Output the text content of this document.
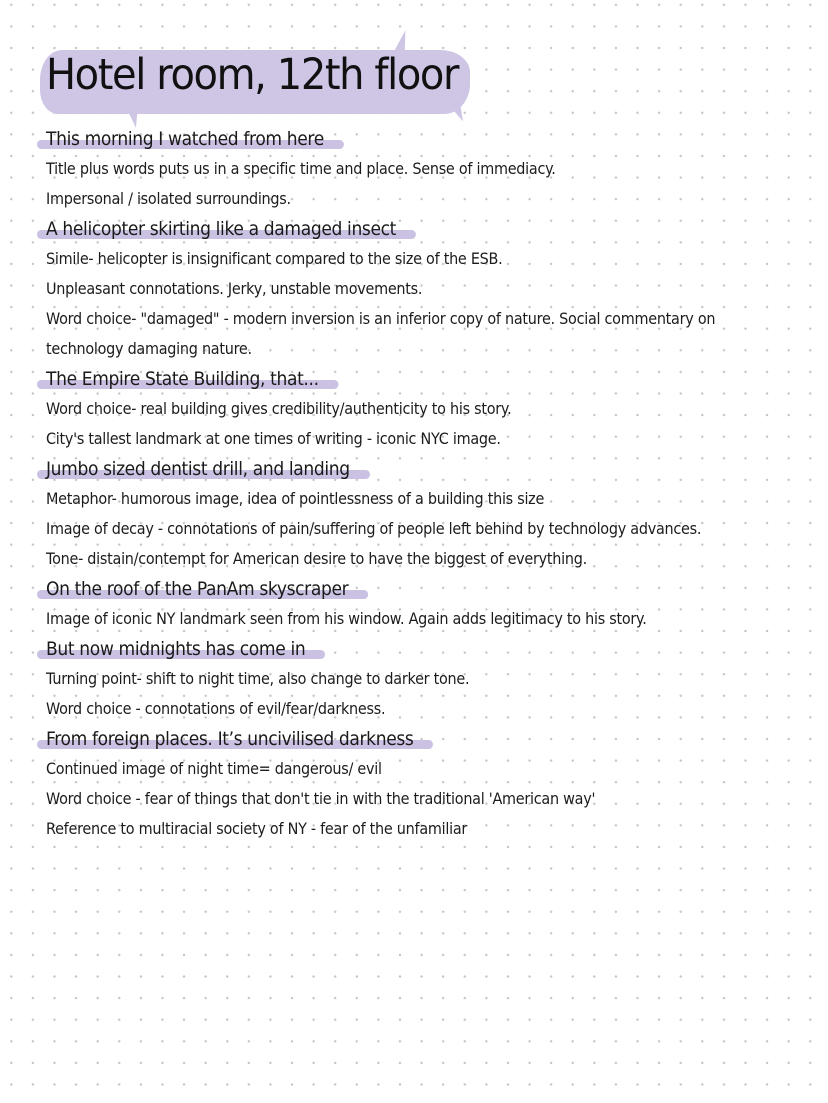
Hotel room, 12th floor
This morning I watched from here
Title plus words puts us in a specific time and place. Sense of immediacy.
Impersonal / isolated surroundings.
A helicopter skirting like a damaged insect
Simile- helicopter is insignificant compared to the size of the ESB.
Unpleasant connotations. Jerky, unstable movements.
Word choice- "damaged" - modern inversion is an inferior copy of nature. Social commentary on
technology damaging nature.
The Empire State Building, that...
Word choice- real building gives credibility/authenticity to his story.
City's tallest landmark at one times of writing - iconic NYC image.
Jumbo sized dentist drill, and landing
Metaphor- humorous image, idea of pointlessness of a building this size
Image of decay - connotations of pain/suffering of people left behind by technology advances.
Tone- distain/contempt for American desire to have the biggest of everything.
On the roof of the PanAm skyscraper
Image of iconic NY landmark seen from his window. Again adds legitimacy to his story.
But now midnights has come in
Turning point- shift to night time, also change to darker tone.
Word choice - connotations of evil/fear/darkness.
From foreign places. It’s uncivilised darkness
Continued image of night time= dangerous/ evil
Word choice - fear of things that don't tie in with the traditional 'American way'
Reference to multiracial society of NY - fear of the unfamiliar
